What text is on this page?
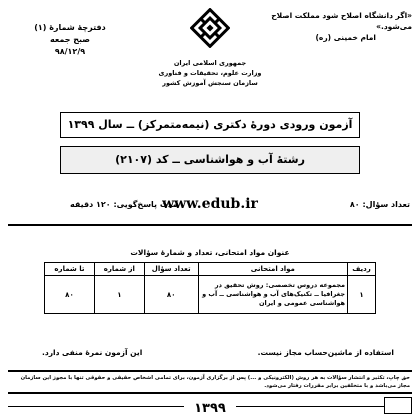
«اگر دانشگاه اصلاح شود مملکت اصلاح می‌شود.»
امام خمینی (ره)
جمهوری اسلامی ایران
وزارت علوم، تحقیقات و فناوری
سازمان سنجش آموزش کشور
دفترچهٔ شمارهٔ (۱)
صبح جمعه
۹۸/۱۲/۹
آزمون ورودی دورهٔ دکتری (نیمه‌متمرکز) ــ سال ۱۳۹۹
رشتهٔ آب و هواشناسی ــ کد (۲۱۰۷)
تعداد سؤال: ۸۰
www.edub.ir
مدت پاسخ‌گویی: ۱۲۰ دقیقه
عنوان مواد امتحانی، تعداد و شمارهٔ سؤالات
ردیف	مواد امتحانی	تعداد سؤال	از شماره	تا شماره
۱	مجموعه دروس تخصصی: روش تحقیق در جغرافیا ــ تکنیک‌های آب و هواشناسی ــ آب و هواشناسی عمومی و ایران	۸۰	۱	۸۰
استفاده از ماشین‌حساب مجاز نیست.
این آزمون نمرهٔ منفی دارد.
حق چاپ، تکثیر و انتشار سؤالات به هر روش (الکترونیکی و ...) پس از برگزاری آزمون، برای تمامی اشخاص حقیقی و حقوقی تنها با مجوز این سازمان مجاز می‌باشد و با متخلفین برابر مقررات رفتار می‌شود.
۱۳۹۹
